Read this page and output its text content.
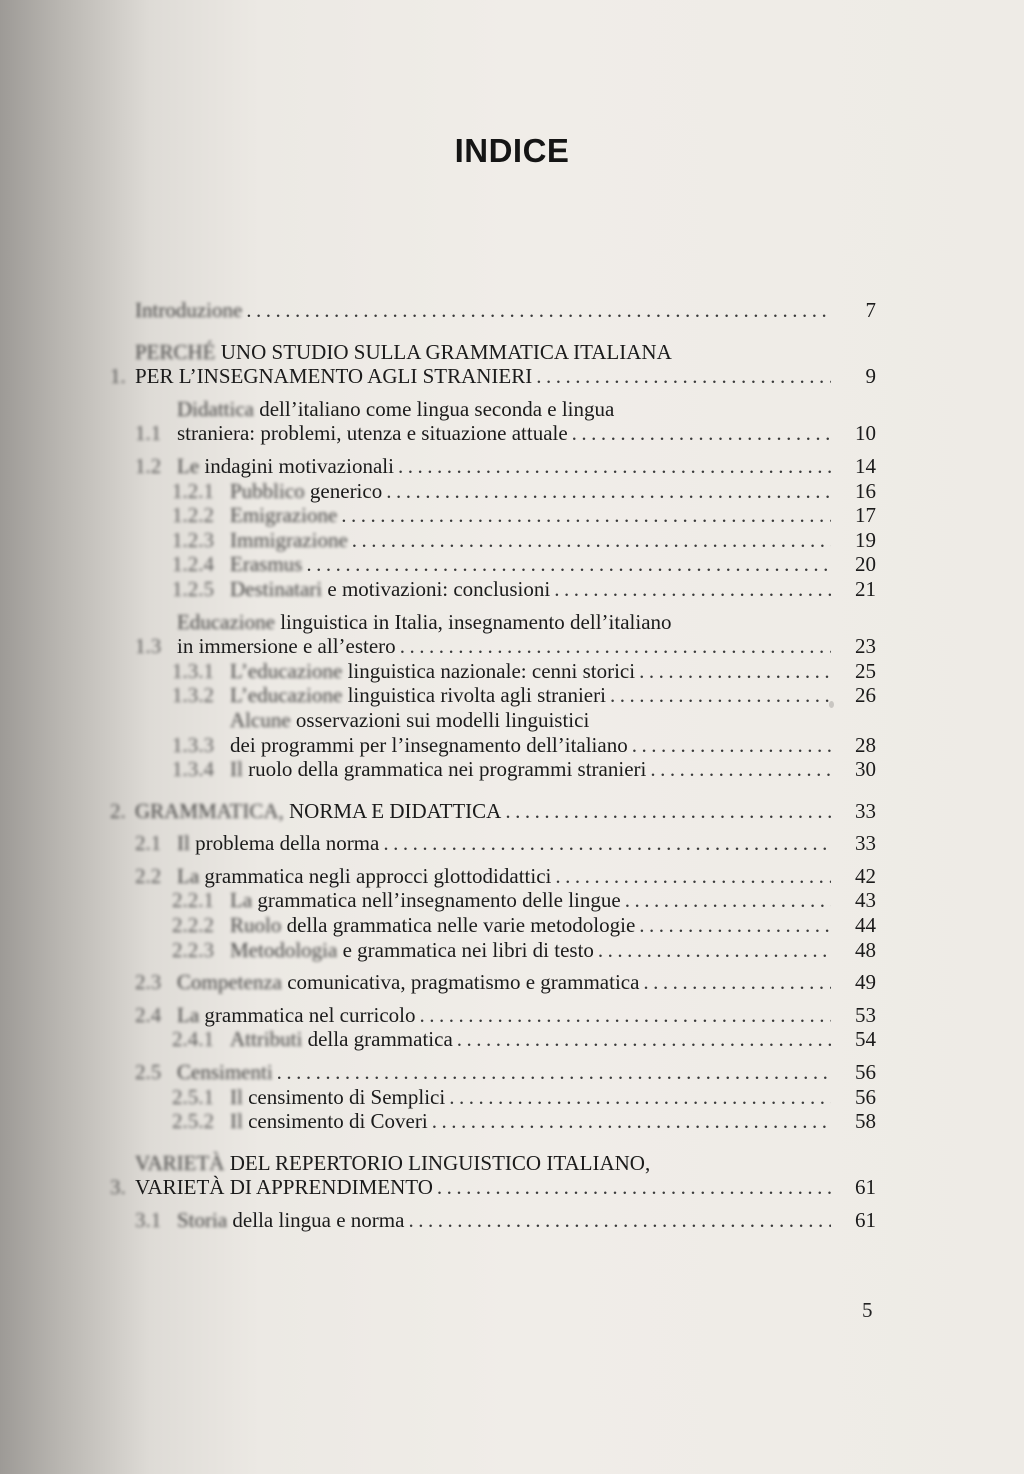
INDICE
Introduzione .....	7
1.
PERCHÉ UNO STUDIO SULLA GRAMMATICA ITALIANA
PER L’INSEGNAMENTO AGLI STRANIERI .....	9
1.1
Didattica dell’italiano come lingua seconda e lingua
straniera: problemi, utenza e situazione attuale .....	10
1.2 Le indagini motivazionali .....	14
1.2.1 Pubblico generico .....	16
1.2.2 Emigrazione .....	17
1.2.3 Immigrazione .....	19
1.2.4 Erasmus .....	20
1.2.5 Destinatari e motivazioni: conclusioni .....	21
1.3
Educazione linguistica in Italia, insegnamento dell’italiano
in immersione e all’estero .....	23
1.3.1 L’educazione linguistica nazionale: cenni storici .....	25
1.3.2 L’educazione linguistica rivolta agli stranieri .....	26
1.3.3
Alcune osservazioni sui modelli linguistici
dei programmi per l’insegnamento dell’italiano .....	28
1.3.4 Il ruolo della grammatica nei programmi stranieri .....	30
2. GRAMMATICA, NORMA E DIDATTICA .....	33
2.1 Il problema della norma .....	33
2.2 La grammatica negli approcci glottodidattici .....	42
2.2.1 La grammatica nell’insegnamento delle lingue .....	43
2.2.2 Ruolo della grammatica nelle varie metodologie .....	44
2.2.3 Metodologia e grammatica nei libri di testo .....	48
2.3 Competenza comunicativa, pragmatismo e grammatica .....	49
2.4 La grammatica nel curricolo .....	53
2.4.1 Attributi della grammatica .....	54
2.5 Censimenti .....	56
2.5.1 Il censimento di Semplici .....	56
2.5.2 Il censimento di Coveri .....	58
3.
VARIETÀ DEL REPERTORIO LINGUISTICO ITALIANO,
VARIETÀ DI APPRENDIMENTO .....	61
3.1 Storia della lingua e norma .....	61
5
